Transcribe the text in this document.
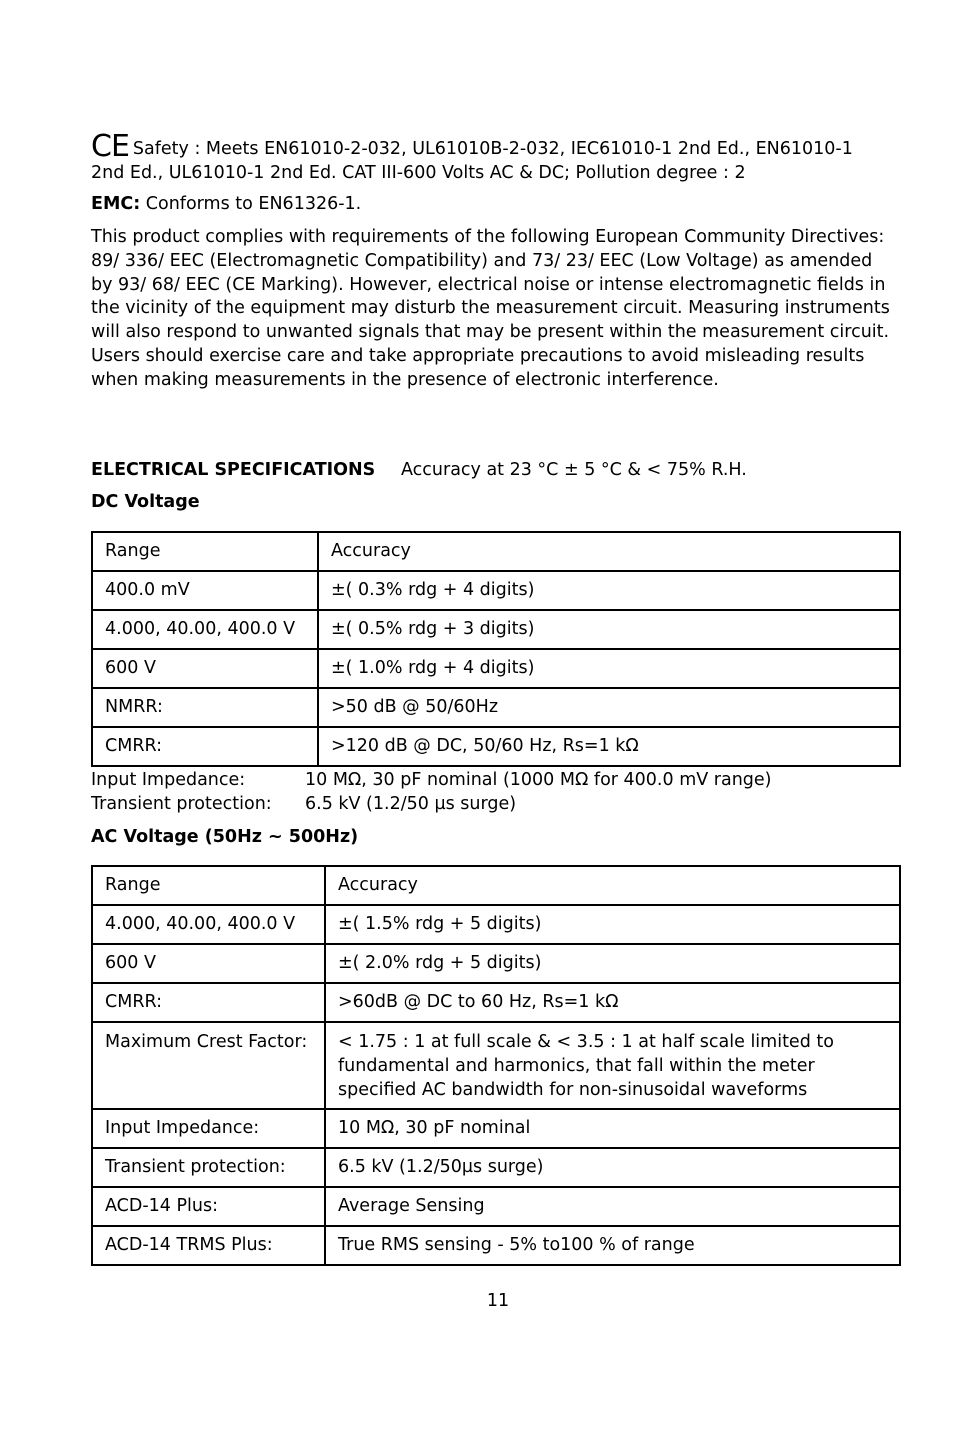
CE Safety : Meets EN61010-2-032, UL61010B-2-032, IEC61010-1 2nd Ed., EN61010-1 2nd Ed., UL61010-1 2nd Ed. CAT III-600 Volts AC & DC; Pollution degree : 2
EMC: Conforms to EN61326-1.
This product complies with requirements of the following European Community Directives: 89/ 336/ EEC (Electromagnetic Compatibility) and 73/ 23/ EEC (Low Voltage) as amended by 93/ 68/ EEC (CE Marking). However, electrical noise or intense electromagnetic fields in the vicinity of the equipment may disturb the measurement circuit. Measuring instruments will also respond to unwanted signals that may be present within the measurement circuit. Users should exercise care and take appropriate precautions to avoid misleading results when making measurements in the presence of electronic interference.
ELECTRICAL SPECIFICATIONS Accuracy at 23 °C ± 5 °C & < 75% R.H.
DC Voltage
Range	Accuracy
400.0 mV	±( 0.3% rdg + 4 digits)
4.000, 40.00, 400.0 V	±( 0.5% rdg + 3 digits)
600 V	±( 1.0% rdg + 4 digits)
NMRR:	>50 dB @ 50/60Hz
CMRR:	>120 dB @ DC, 50/60 Hz, Rs=1 kΩ
Input Impedance:	10 MΩ, 30 pF nominal (1000 MΩ for 400.0 mV range)
Transient protection: 6.5 kV (1.2/50 µs surge)
AC Voltage (50Hz ~ 500Hz)
Range	Accuracy
4.000, 40.00, 400.0 V	±( 1.5% rdg + 5 digits)
600 V	±( 2.0% rdg + 5 digits)
CMRR:	>60dB @ DC to 60 Hz, Rs=1 kΩ
Maximum Crest Factor:	< 1.75 : 1 at full scale & < 3.5 : 1 at half scale limited to fundamental and harmonics, that fall within the meter specified AC bandwidth for non-sinusoidal waveforms
Input Impedance:	10 MΩ, 30 pF nominal
Transient protection:	6.5 kV (1.2/50µs surge)
ACD-14 Plus:	Average Sensing
ACD-14 TRMS Plus:	True RMS sensing - 5% to100 % of range
11
